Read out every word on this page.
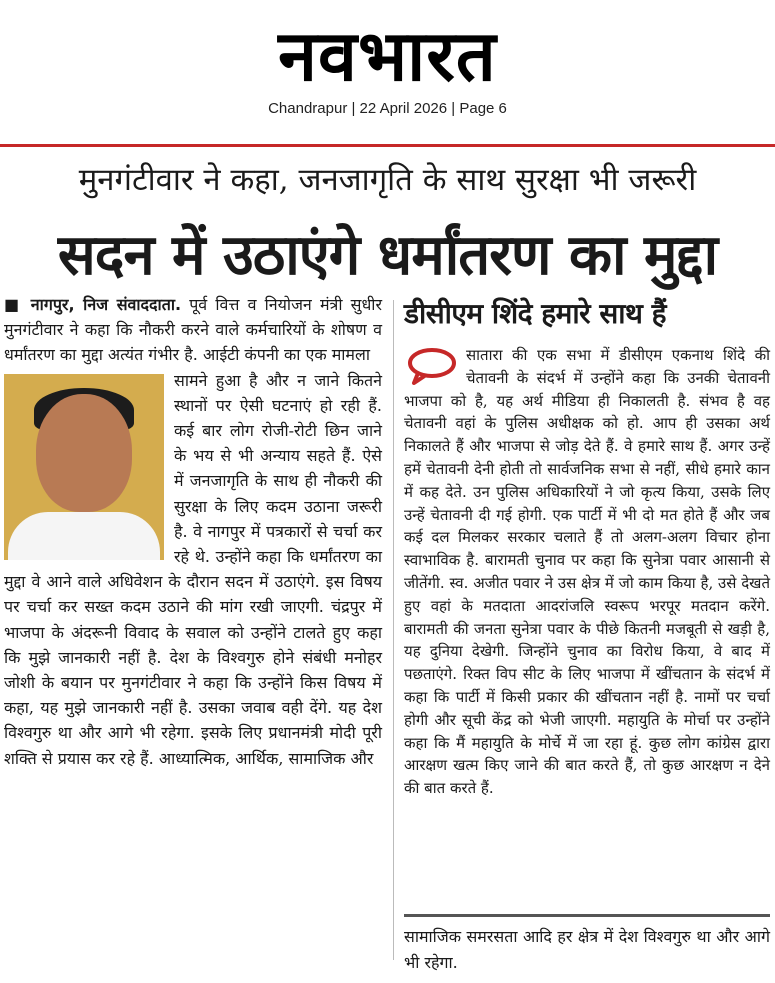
नवभारत
Chandrapur | 22 April 2026 | Page 6
मुनगंटीवार ने कहा, जनजागृति के साथ सुरक्षा भी जरूरी
सदन में उठाएंगे धर्मांतरण का मुद्दा

■ नागपुर, निज संवाददाता. पूर्व वित्त व नियोजन मंत्री सुधीर मुनगंटीवार ने कहा कि नौकरी करने वाले कर्मचारियों के शोषण व धर्मांतरण का मुद्दा अत्यंत गंभीर है. आईटी कंपनी का एक मामला

सामने हुआ है और न जाने कितने स्थानों पर ऐसी घटनाएं हो रही हैं. कई बार लोग रोजी-रोटी छिन जाने के भय से भी अन्याय सहते हैं. ऐसे में जनजागृति के साथ ही नौकरी की सुरक्षा के लिए कदम उठाना जरूरी है. वे नागपुर में पत्रकारों से चर्चा कर रहे थे. उन्होंने कहा कि धर्मांतरण का मुद्दा वे आने वाले अधिवेशन के दौरान सदन में उठाएंगे. इस विषय पर चर्चा कर सख्त कदम उठाने की मांग रखी जाएगी. चंद्रपुर में भाजपा के अंदरूनी विवाद के सवाल को उन्होंने टालते हुए कहा कि मुझे जानकारी नहीं है. देश के विश्वगुरु होने संबंधी मनोहर जोशी के बयान पर मुनगंटीवार ने कहा कि उन्होंने किस विषय में कहा, यह मुझे जानकारी नहीं है. उसका जवाब वही देंगे. यह देश विश्वगुरु था और आगे भी रहेगा. इसके लिए प्रधानमंत्री मोदी पूरी शक्ति से प्रयास कर रहे हैं. आध्यात्मिक, आर्थिक, सामाजिक और

डीसीएम शिंदे हमारे साथ हैं

सातारा की एक सभा में डीसीएम एकनाथ शिंदे की चेतावनी के संदर्भ में उन्होंने कहा कि उनकी चेतावनी भाजपा को है, यह अर्थ मीडिया ही निकालती है. संभव है वह चेतावनी वहां के पुलिस अधीक्षक को हो. आप ही उसका अर्थ निकालते हैं और भाजपा से जोड़ देते हैं. वे हमारे साथ हैं. अगर उन्हें हमें चेतावनी देनी होती तो सार्वजनिक सभा से नहीं, सीधे हमारे कान में कह देते. उन पुलिस अधिकारियों ने जो कृत्य किया, उसके लिए उन्हें चेतावनी दी गई होगी. एक पार्टी में भी दो मत होते हैं और जब कई दल मिलकर सरकार चलाते हैं तो अलग-अलग विचार होना स्वाभाविक है. बारामती चुनाव पर कहा कि सुनेत्रा पवार आसानी से जीतेंगी. स्व. अजीत पवार ने उस क्षेत्र में जो काम किया है, उसे देखते हुए वहां के मतदाता आदरांजलि स्वरूप भरपूर मतदान करेंगे. बारामती की जनता सुनेत्रा पवार के पीछे कितनी मजबूती से खड़ी है, यह दुनिया देखेगी. जिन्होंने चुनाव का विरोध किया, वे बाद में पछताएंगे. रिक्त विप सीट के लिए भाजपा में खींचतान के संदर्भ में कहा कि पार्टी में किसी प्रकार की खींचतान नहीं है. नामों पर चर्चा होगी और सूची केंद्र को भेजी जाएगी. महायुति के मोर्चा पर उन्होंने कहा कि मैं महायुति के मोर्चे में जा रहा हूं. कुछ लोग कांग्रेस द्वारा आरक्षण खत्म किए जाने की बात करते हैं, तो कुछ आरक्षण न देने की बात करते हैं.

सामाजिक समरसता आदि हर क्षेत्र में देश विश्वगुरु था और आगे भी रहेगा.
